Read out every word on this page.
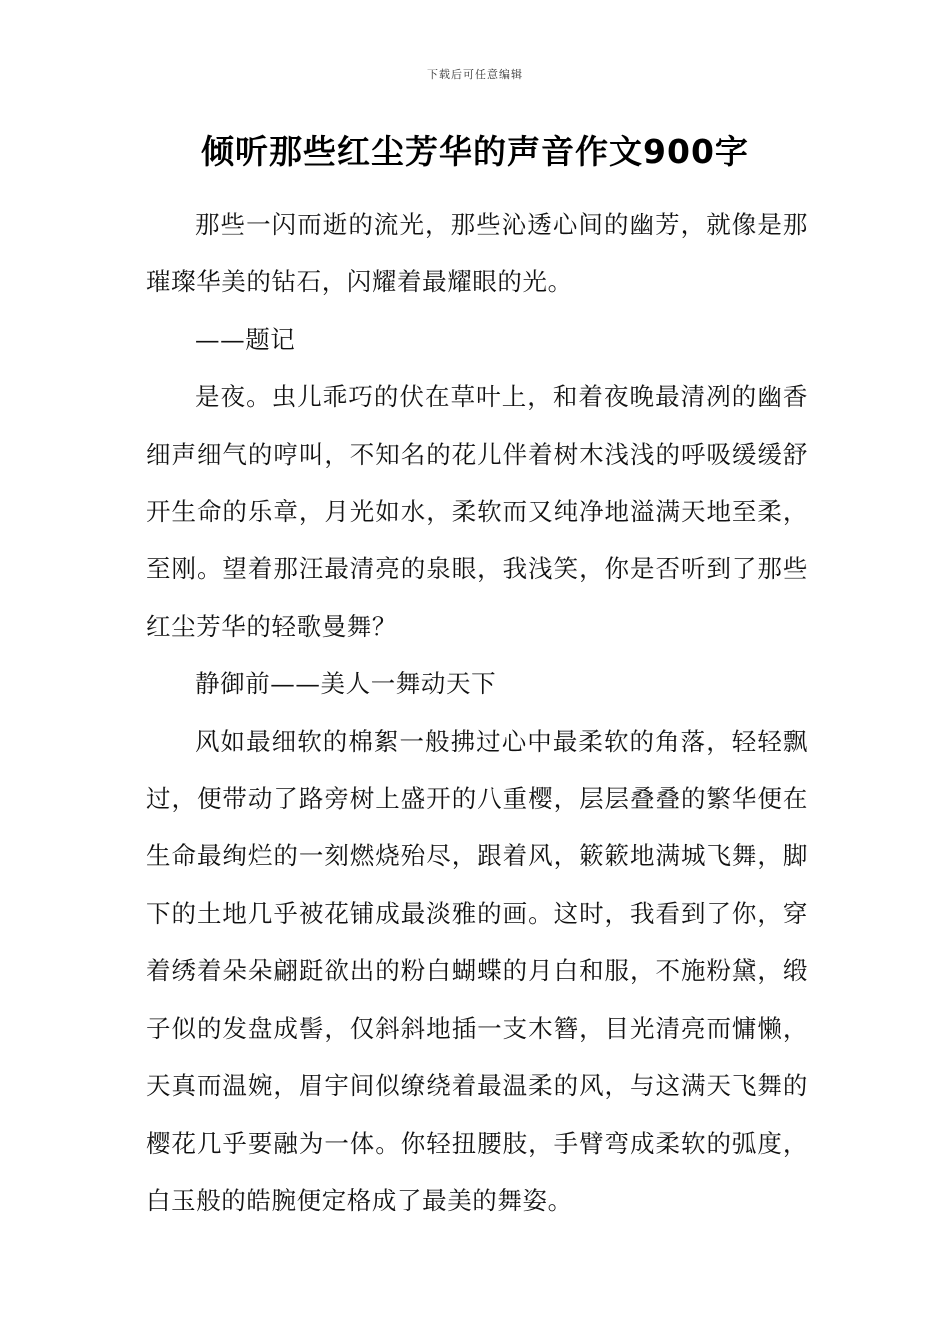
下载后可任意编辑
倾听那些红尘芳华的声音作文900字

那些一闪而逝的流光，那些沁透心间的幽芳，就像是那璀璨华美的钻石，闪耀着最耀眼的光。

——题记

是夜。虫儿乖巧的伏在草叶上，和着夜晚最清冽的幽香细声细气的哼叫，不知名的花儿伴着树木浅浅的呼吸缓缓舒开生命的乐章，月光如水，柔软而又纯净地溢满天地至柔，至刚。望着那汪最清亮的泉眼，我浅笑，你是否听到了那些红尘芳华的轻歌曼舞？

静御前——美人一舞动天下

风如最细软的棉絮一般拂过心中最柔软的角落，轻轻飘过，便带动了路旁树上盛开的八重樱，层层叠叠的繁华便在生命最绚烂的一刻燃烧殆尽，跟着风，簌簌地满城飞舞，脚下的土地几乎被花铺成最淡雅的画。这时，我看到了你，穿着绣着朵朵翩跹欲出的粉白蝴蝶的月白和服，不施粉黛，缎子似的发盘成髻，仅斜斜地插一支木簪，目光清亮而慵懒，天真而温婉，眉宇间似缭绕着最温柔的风，与这满天飞舞的樱花几乎要融为一体。你轻扭腰肢，手臂弯成柔软的弧度，白玉般的皓腕便定格成了最美的舞姿。
